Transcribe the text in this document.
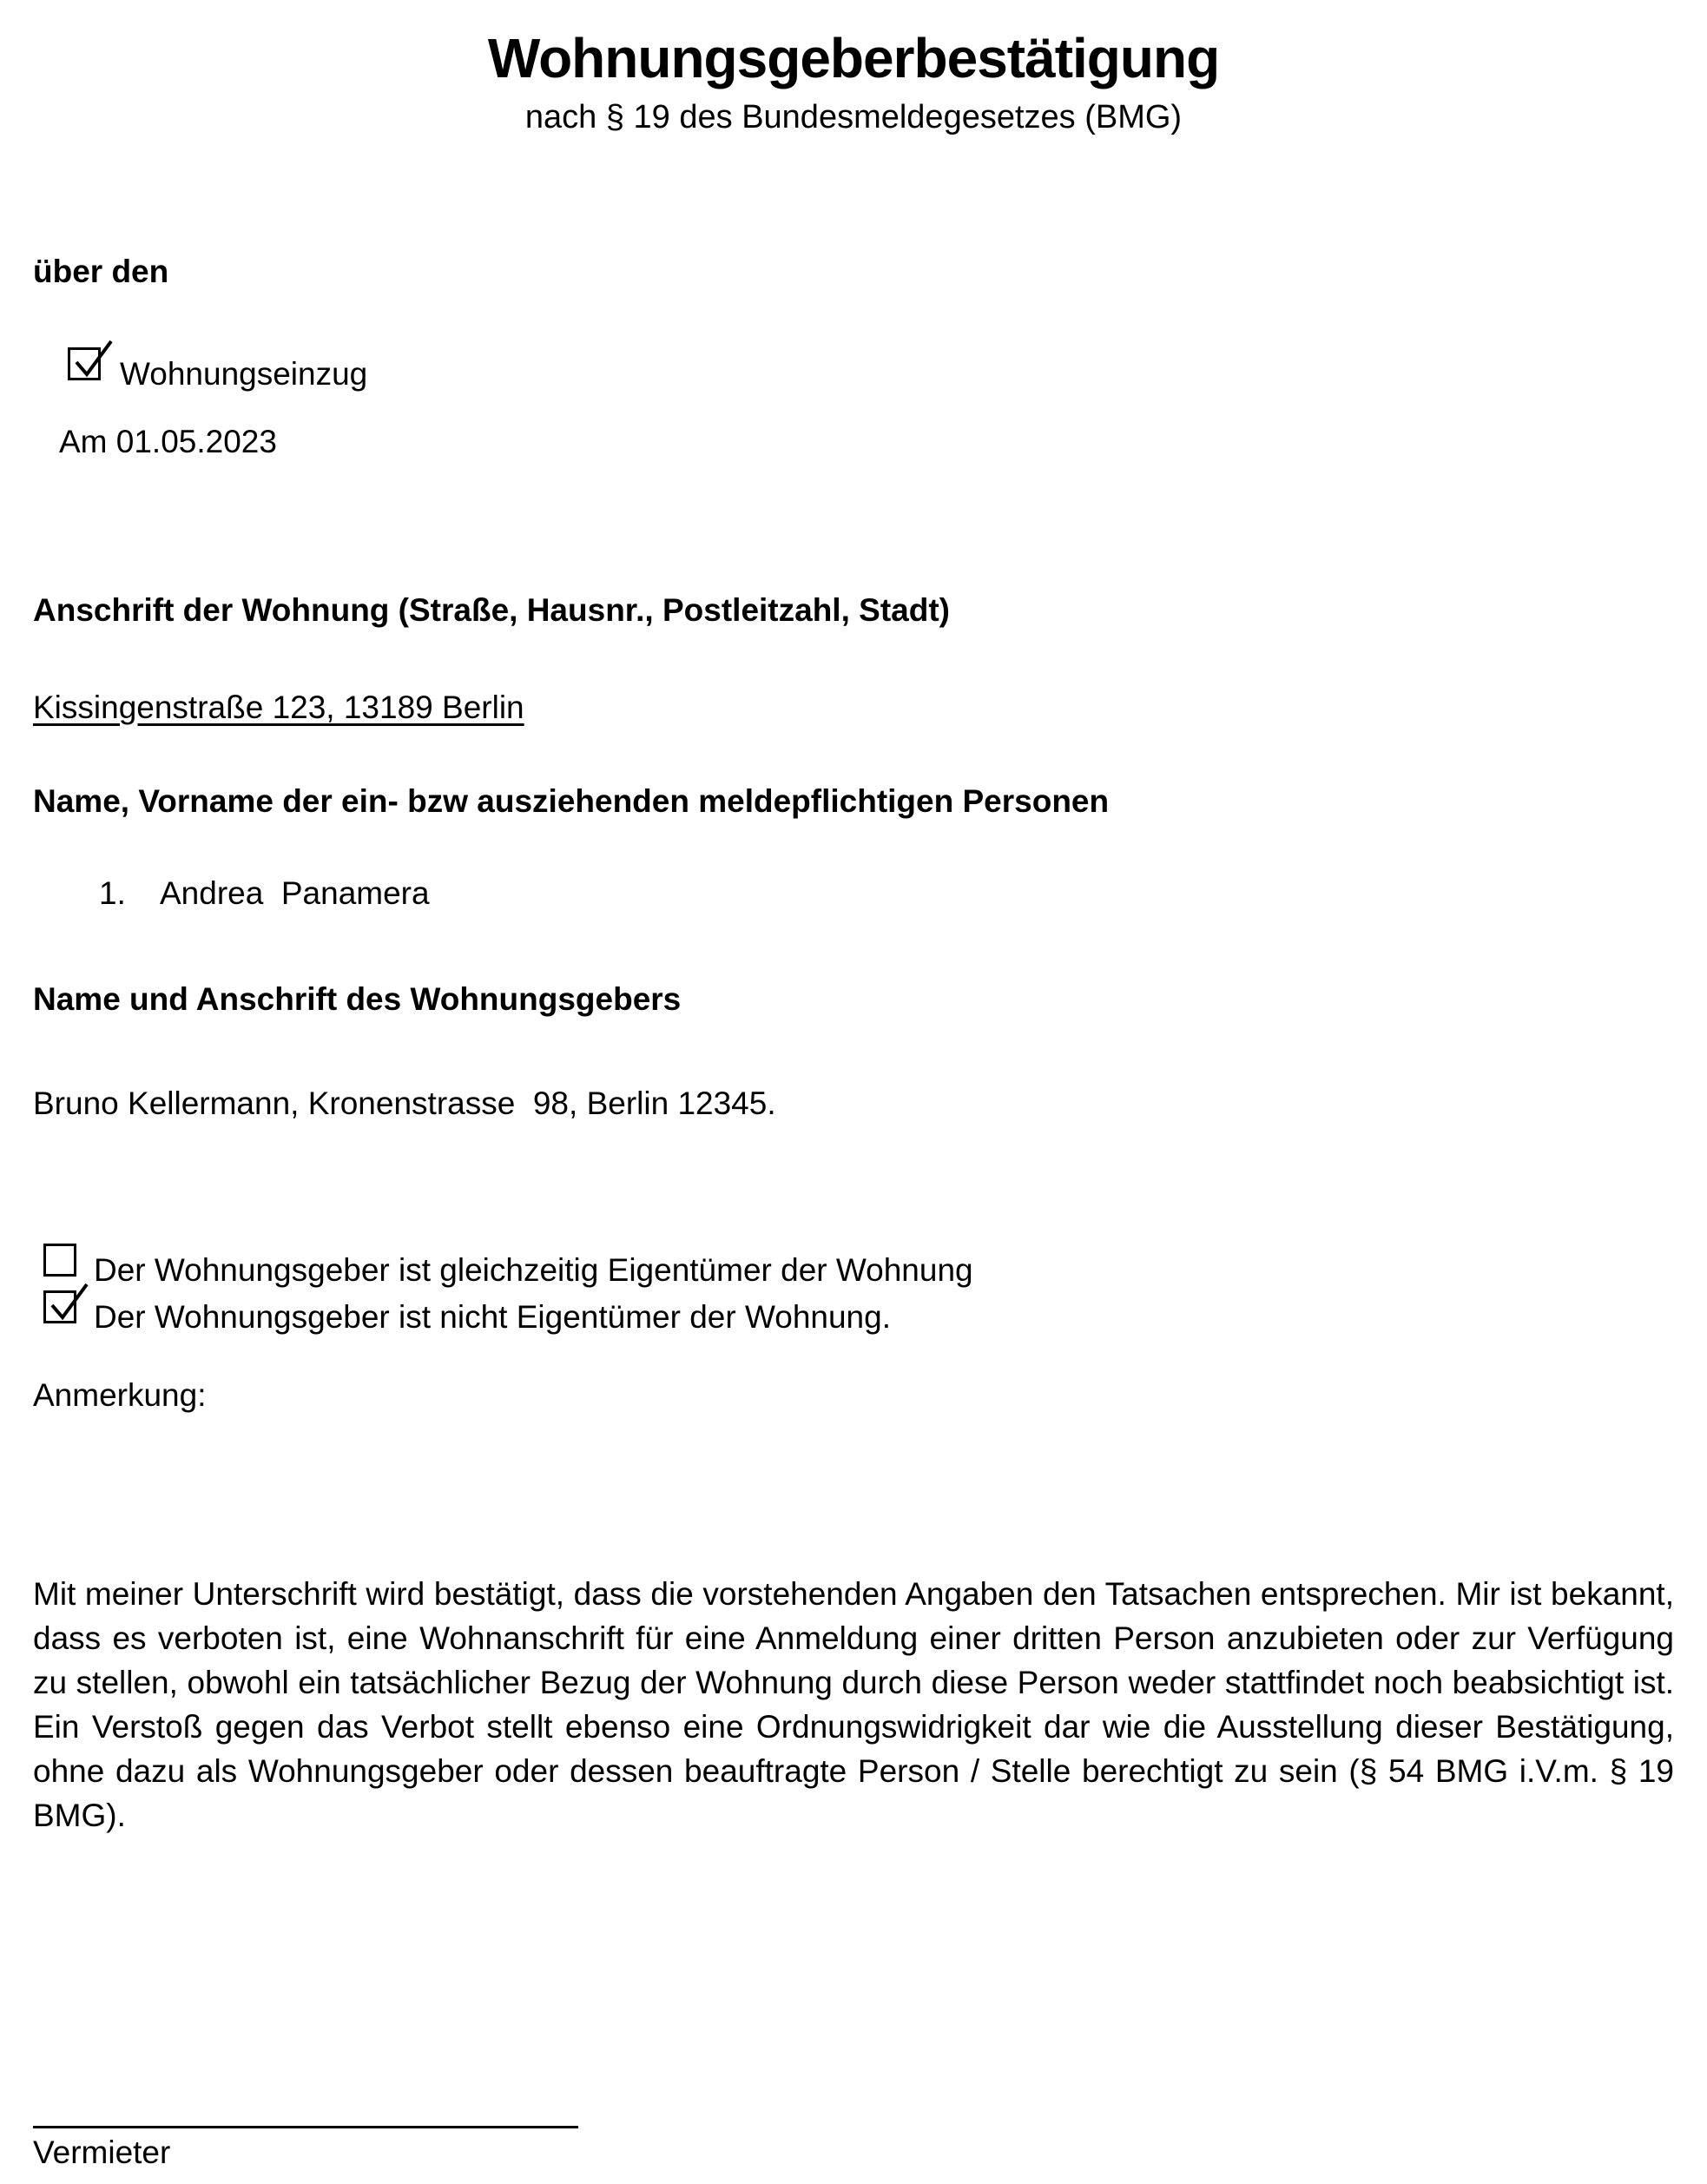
Wohnungsgeberbestätigung
nach § 19 des Bundesmeldegesetzes (BMG)
über den
Wohnungseinzug
Am 01.05.2023
Anschrift der Wohnung (Straße, Hausnr., Postleitzahl, Stadt)
Kissingenstraße 123, 13189 Berlin
Name, Vorname der ein- bzw ausziehenden meldepflichtigen Personen
1. Andrea  Panamera
Name und Anschrift des Wohnungsgebers
Bruno Kellermann, Kronenstrasse  98, Berlin 12345.
Der Wohnungsgeber ist gleichzeitig Eigentümer der Wohnung
Der Wohnungsgeber ist nicht Eigentümer der Wohnung.
Anmerkung:
Mit meiner Unterschrift wird bestätigt, dass die vorstehenden Angaben den Tatsachen entsprechen. Mir ist bekannt, dass es verboten ist, eine Wohnanschrift für eine Anmeldung einer dritten Person anzubieten oder zur Verfügung zu stellen, obwohl ein tatsächlicher Bezug der Wohnung durch diese Person weder stattfindet noch beabsichtigt ist. Ein Verstoß gegen das Verbot stellt ebenso eine Ordnungswidrigkeit dar wie die Ausstellung dieser Bestätigung, ohne dazu als Wohnungsgeber oder dessen beauftragte Person / Stelle berechtigt zu sein (§ 54 BMG i.V.m. § 19 BMG).
Vermieter
